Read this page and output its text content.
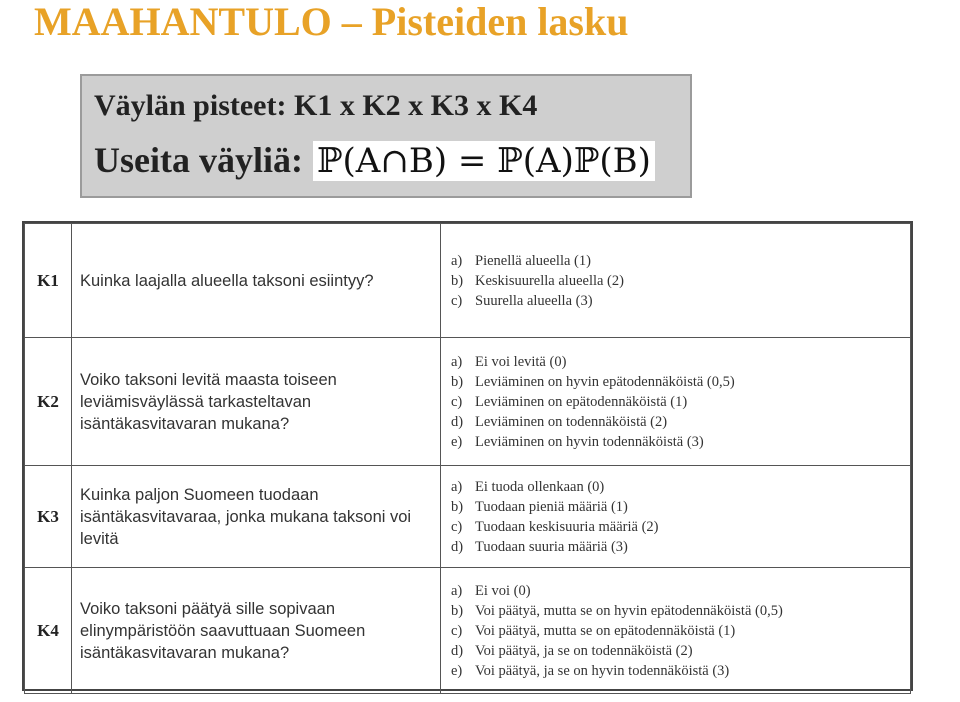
MAAHANTULO – Pisteiden lasku
Väylän pisteet: K1 x K2 x K3 x K4
Useita väyliä: ℙ(A∩B) = ℙ(A)ℙ(B)
K1	Kuinka laajalla alueella taksoni esiintyy?	a) Pienellä alueella (1)
b) Keskisuurella alueella (2)
c) Suurella alueella (3)

K2	Voiko taksoni levitä maasta toiseen leviämisväylässä tarkasteltavan isäntäkasvitavaran mukana?	a) Ei voi levitä (0)
b) Leviäminen on hyvin epätodennäköistä (0,5)
c) Leviäminen on epätodennäköistä (1)
d) Leviäminen on todennäköistä (2)
e) Leviäminen on hyvin todennäköistä (3)

K3	Kuinka paljon Suomeen tuodaan isäntäkasvitavaraa, jonka mukana taksoni voi levitä	a) Ei tuoda ollenkaan (0)
b) Tuodaan pieniä määriä (1)
c) Tuodaan keskisuuria määriä (2)
d) Tuodaan suuria määriä (3)

K4	Voiko taksoni päätyä sille sopivaan elinympäristöön saavuttuaan Suomeen isäntäkasvitavaran mukana?	a) Ei voi (0)
b) Voi päätyä, mutta se on hyvin epätodennäköistä (0,5)
c) Voi päätyä, mutta se on epätodennäköistä (1)
d) Voi päätyä, ja se on todennäköistä (2)
e) Voi päätyä, ja se on hyvin todennäköistä (3)
